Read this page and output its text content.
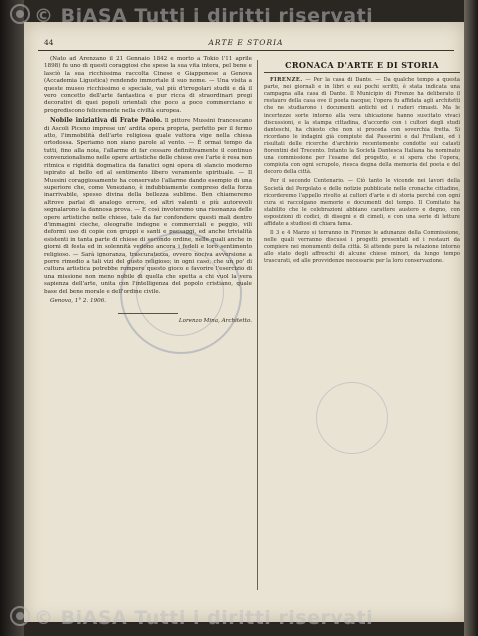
44	ARTE E STORIA

(Nato ad Arenzano il 21 Gennaio 1842 e morto a Tokio l'11 aprile 1898) fu uno di questi coraggiosi che spese la sua vita intera, pel bene e lasciò la sua ricchissima raccolta Cinese e Giapponese a Genova (Accademia Ligustica) rendendo immortale il suo nome. — Una visita a queste museo ricchissimo e speciale, val più d'irregolari studii e dà il vero concetto dell'arte fantastica e pur ricca di straordinari pregi decorativi di quei popoli orientali che poco a poco commerciano e progrediscono felicemente nella civiltà europea.

Nobile iniziativa di Frate Paolo. Il pittore Mussini francescano di Ascoli Piceno imprese un' ardita opera propria, perfetto per il fermo atto, l'immobilità dell'arte religiosa quale vuttora vige nella chiesa ortodossa. Speriamo non siano parole al vento. — È ormai tempo da tutti, fino alla noia, l'allarme di far cessare definitivamente il continuo convenzionalismo nelle opere artistiche delle chiese ove l'arte è resa non ritmica e rigidità dogmatica da fanatici ogni opera di slancio moderno ispirato al bello ed al sentimento libero veramente spirituale. — Il Mussini coraggiosamente ha conservato l'allarme dando esempio di una superiore che, come Veneziano, è indubbiamente compreso della forza inarrivabile, spesso divina della bellezza sublime. Ben chiameremo altrove parlai di analogo errore, ed altri valenti e più autorevoli segnalarono la dannosa prova. — E così invoteremo una risonanza delle opere artistiche nelle chiese, tale da far confondere questi mali dentro d'immagini cieche, oleografie indegne e commerciali e peggio, vili deformi uso di copie con gruppi e santi e paesaggi, ed anche trivialità esistenti in tanta parte di chiese di secondo ordine, nelle quali anche in giorni di festa ed in solennità vedono ancora i fedeli e loro sentimento religioso. — Sarà ignoranza, trascuratezza, ovvero nociva avversione a porre rimedio a tali vizi del gusto religioso; in ogni caso, che un po' di cultura artistica potrebbe rompere questo gioco e favorire l'esercizio di una missione non meno nobile di quella che spetta a chi vuol la vera sapienza dell'arte, unita con l'intelligenza del popolo cristiano, quale base del bene morale e dell'ordine civile.

Genova, 1° 2. 1906.

Lorenzo Mina, Architetto.

CRONACA D'ARTE E DI STORIA

FIRENZE. — Per la casa di Dante. — Da qualche tempo a questa parte, nei giornali e in libri e sui pochi scritti, è stata indicata una campagna alla casa di Dante. Il Municipio di Firenze ha deliberato il restauro della casa ove il poeta nacque; l'opera fu affidata agli architetti che ne studiarono i documenti antichi ed i ruderi rimasti. Ma le incertezze sorte intorno alla vera ubicazione hanno suscitato vivaci discussioni, e la stampa cittadina, d'accordo con i cultori degli studi danteschi, ha chiesto che non si proceda con soverchia fretta. Si ricordano le indagini già compiute dal Passerini e dal Frullani, ed i risultati delle ricerche d'archivio recentemente condotte sui catasti fiorentini del Trecento. Intanto la Società Dantesca Italiana ha nominato una commissione per l'esame del progetto, e si spera che l'opera, compiuta con ogni scrupolo, riesca degna della memoria del poeta e del decoro della città.

Per il secondo Centenario. — Ciò tanto le vicende nei lavori della Società del Pergolato e delle notizie pubblicate nelle cronache cittadine, ricorderemo l'appello rivolto ai cultori d'arte e di storia perché con ogni cura si raccolgano memorie e documenti del tempo. Il Comitato ha stabilito che le celebrazioni abbiano carattere austero e degno, con esposizioni di codici, di disegni e di cimeli, e con una serie di letture affidate a studiosi di chiara fama.

Il 3 e 4 Marzo si terranno in Firenze le adunanze della Commissione, nelle quali verranno discussi i progetti presentati ed i restauri da compiere nei monumenti della città. Si attende pure la relazione intorno allo stato degli affreschi di alcune chiese minori, da lungo tempo trascurati, ed alle provvidenze necessarie per la loro conservazione.

© BiASA Tutti i diritti riservati
© BiASA Tutti i diritti riservati
